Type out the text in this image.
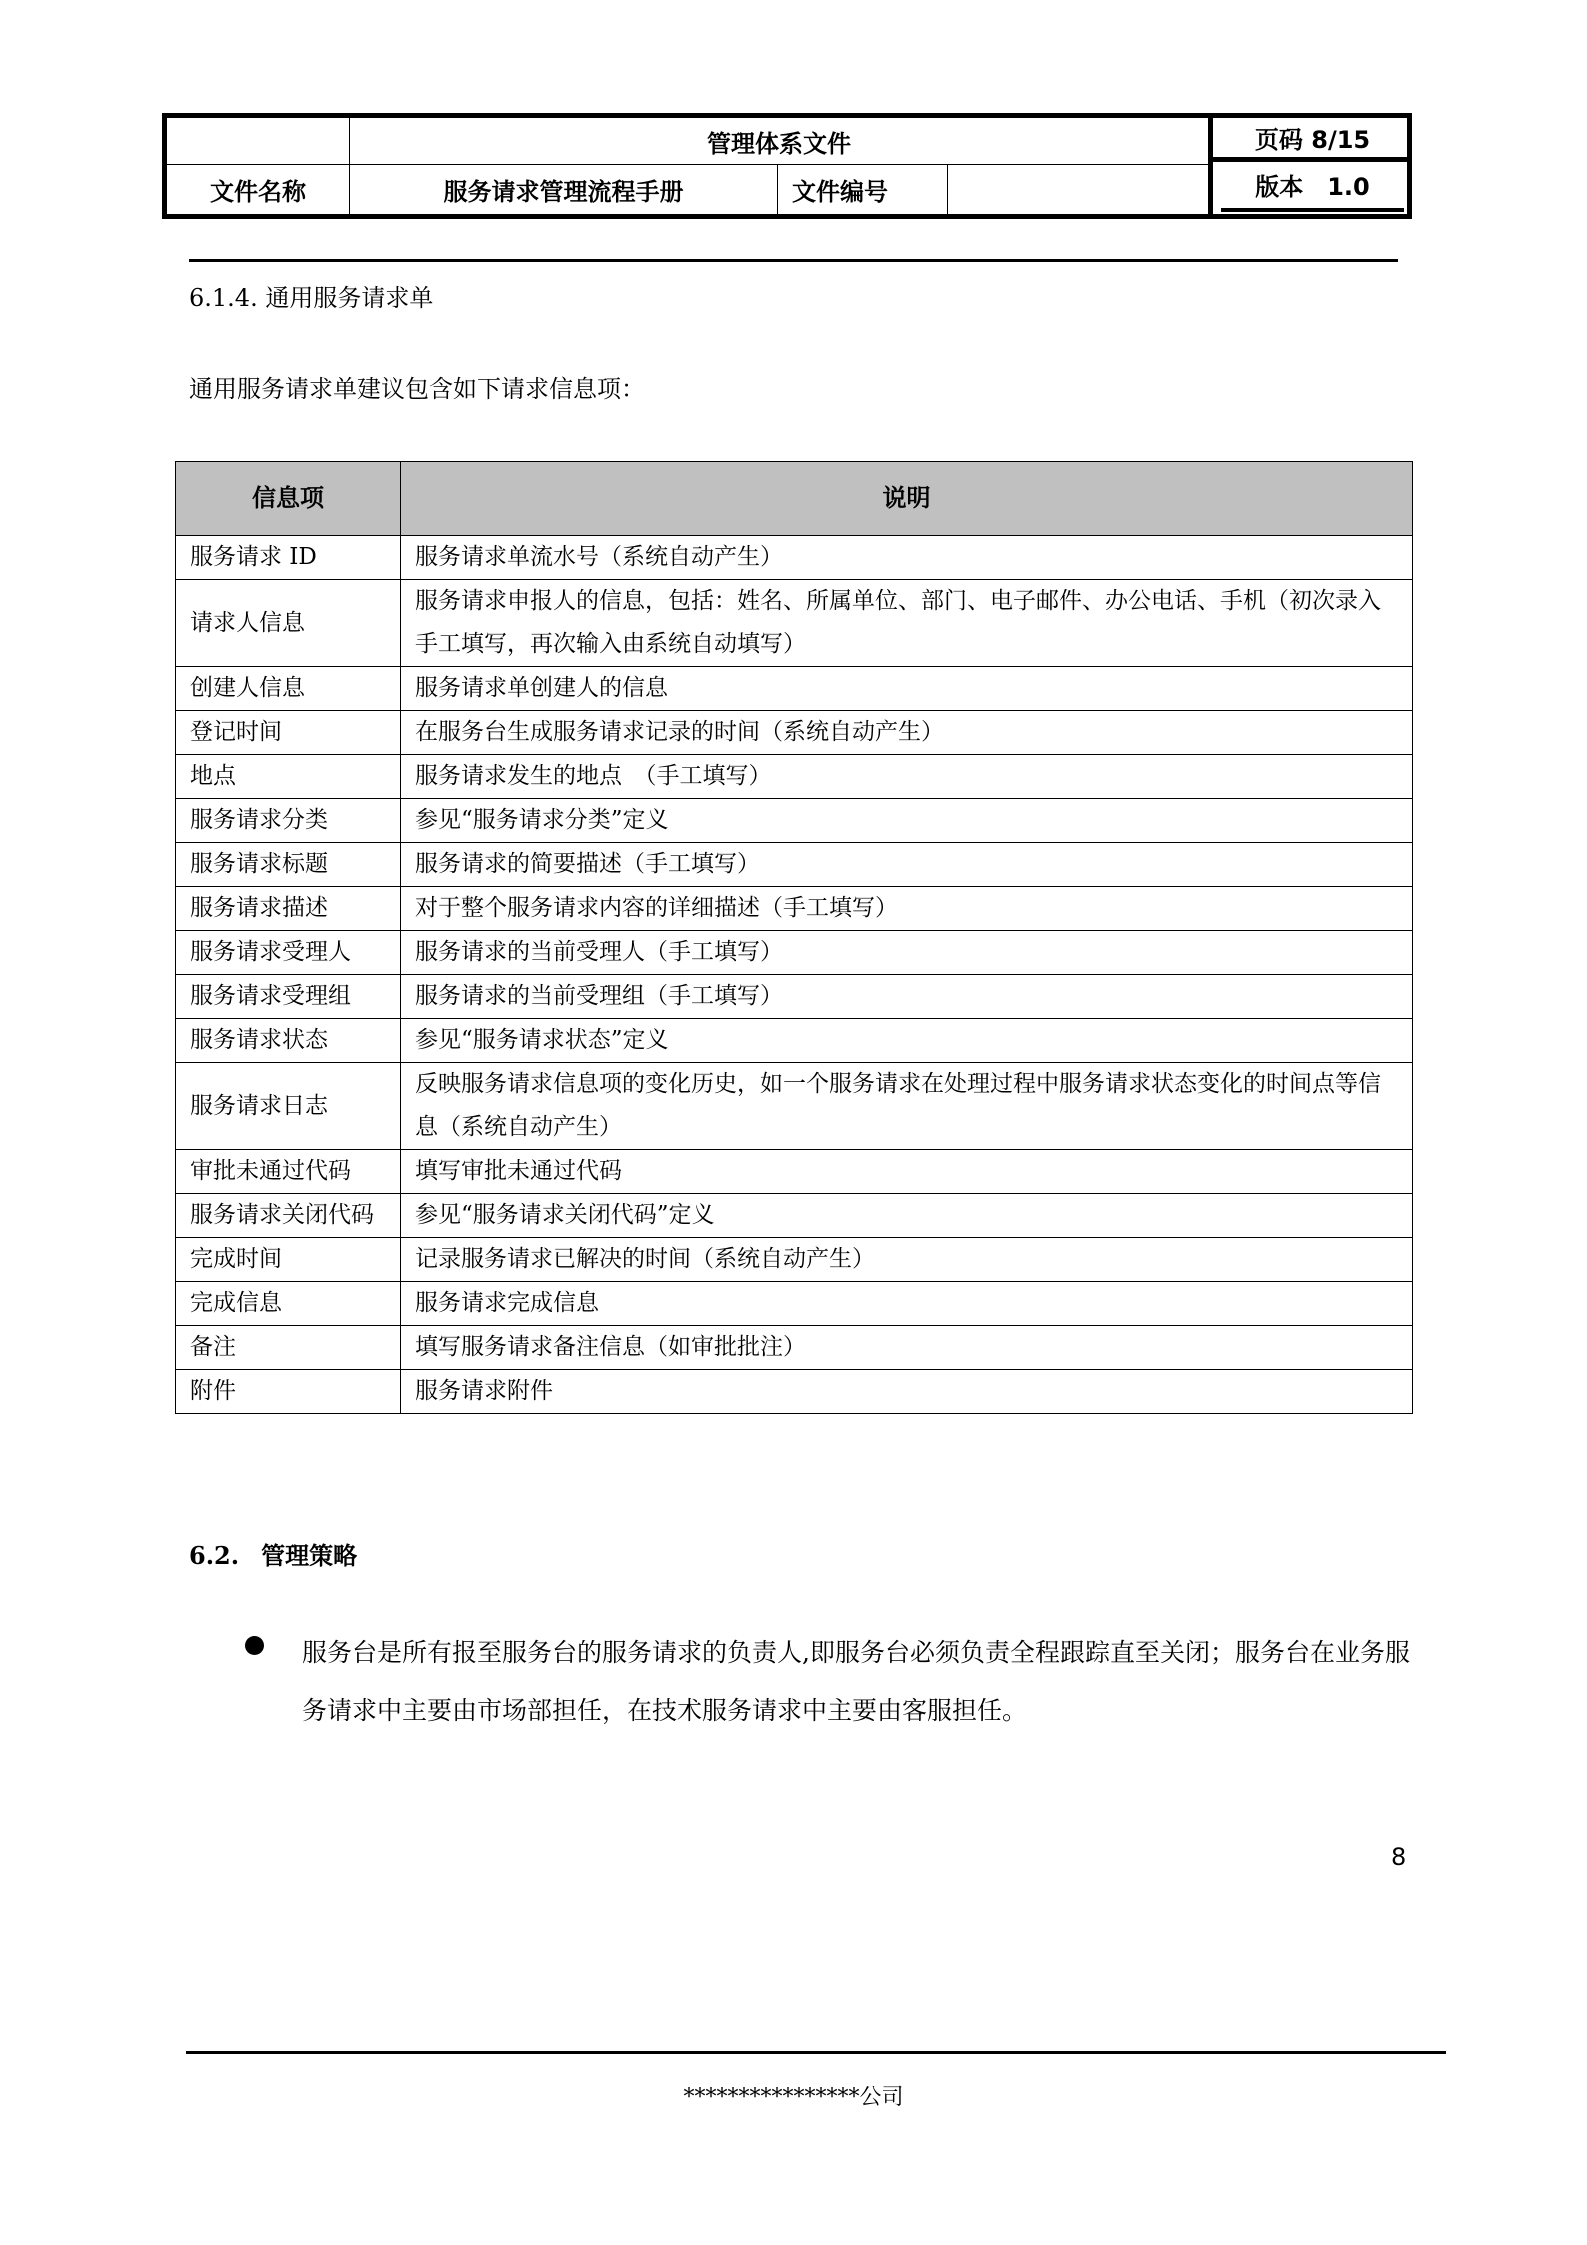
管理体系文件
文件名称	服务请求管理流程手册	文件编号
页码 8/15
版本　1.0
6.1.4. 通用服务请求单
通用服务请求单建议包含如下请求信息项：
信息项	说明
服务请求 ID	服务请求单流水号（系统自动产生）
请求人信息	服务请求申报人的信息，包括：姓名、所属单位、部门、电子邮件、办公电话、手机（初次录入手工填写，再次输入由系统自动填写）
创建人信息	服务请求单创建人的信息
登记时间	在服务台生成服务请求记录的时间（系统自动产生）
地点	服务请求发生的地点　（手工填写）
服务请求分类	参见“服务请求分类”定义
服务请求标题	服务请求的简要描述（手工填写）
服务请求描述	对于整个服务请求内容的详细描述（手工填写）
服务请求受理人	服务请求的当前受理人（手工填写）
服务请求受理组	服务请求的当前受理组（手工填写）
服务请求状态	参见“服务请求状态”定义
服务请求日志	反映服务请求信息项的变化历史，如一个服务请求在处理过程中服务请求状态变化的时间点等信息（系统自动产生）
审批未通过代码	填写审批未通过代码
服务请求关闭代码	参见“服务请求关闭代码”定义
完成时间	记录服务请求已解决的时间（系统自动产生）
完成信息	服务请求完成信息
备注	填写服务请求备注信息（如审批批注）
附件	服务请求附件
6.2. 管理策略
服务台是所有报至服务台的服务请求的负责人,即服务台必须负责全程跟踪直至关闭；服务台在业务服务请求中主要由市场部担任，在技术服务请求中主要由客服担任。
8
****************公司
